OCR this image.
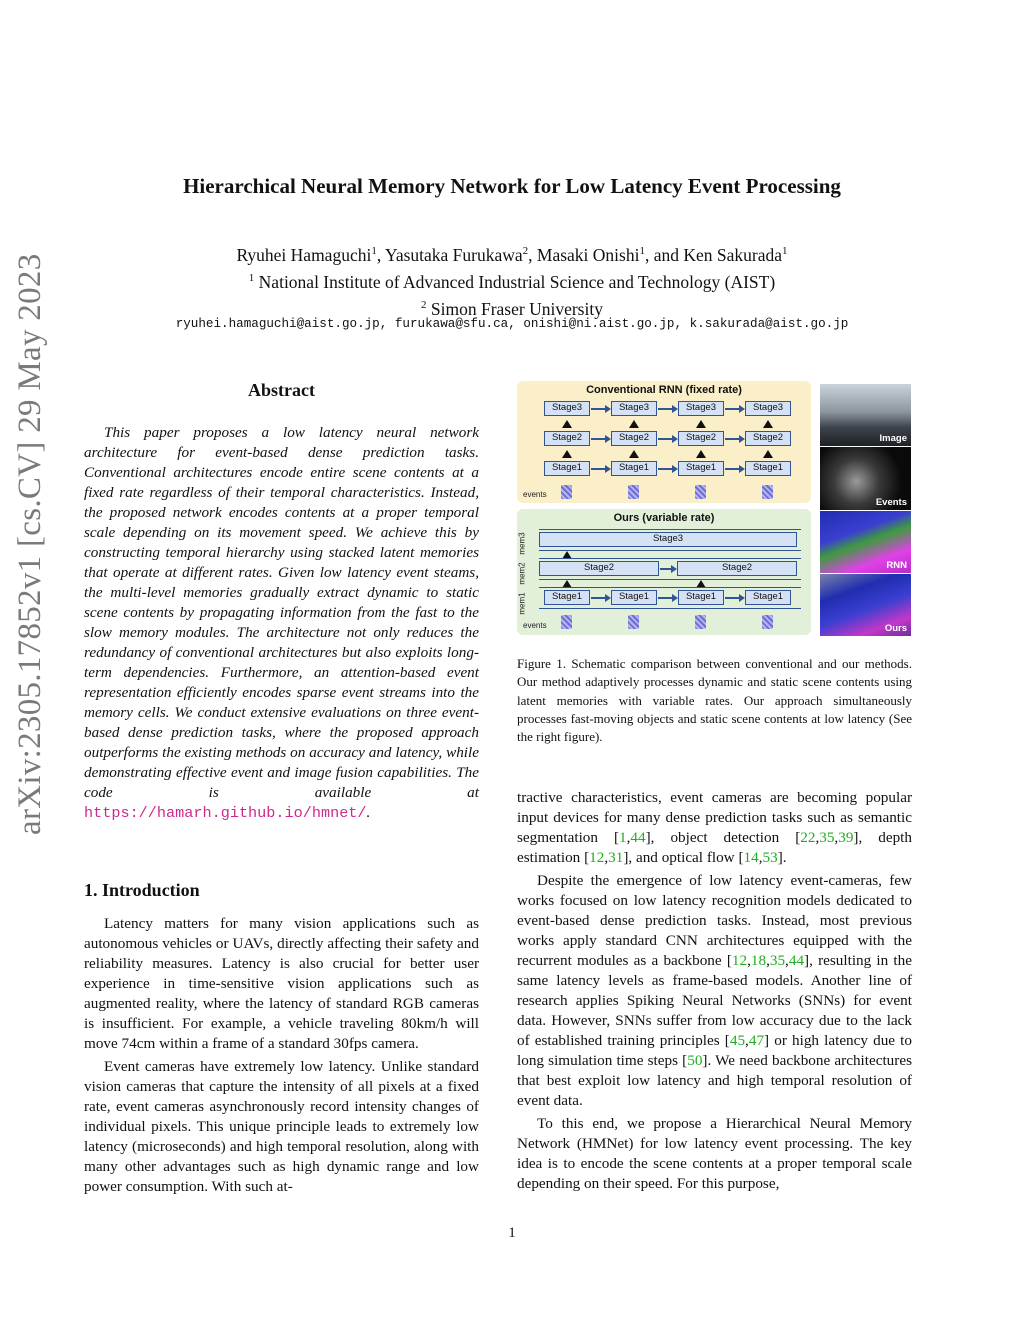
arXiv:2305.17852v1 [cs.CV] 29 May 2023
Hierarchical Neural Memory Network for Low Latency Event Processing
Ryuhei Hamaguchi$^1$, Yasutaka Furukawa$^2$, Masaki Onishi$^1$, and Ken Sakurada$^1$
$^1$ National Institute of Advanced Industrial Science and Technology (AIST)
$^2$ Simon Fraser University
ryuhei.hamaguchi@aist.go.jp, furukawa@sfu.ca, onishi@ni.aist.go.jp, k.sakurada@aist.go.jp
Abstract
This paper proposes a low latency neural network architecture for event-based dense prediction tasks. Conventional architectures encode entire scene contents at a fixed rate regardless of their temporal characteristics. Instead, the proposed network encodes contents at a proper temporal scale depending on its movement speed. We achieve this by constructing temporal hierarchy using stacked latent memories that operate at different rates. Given low latency event steams, the multi-level memories gradually extract dynamic to static scene contents by propagating information from the fast to the slow memory modules. The architecture not only reduces the redundancy of conventional architectures but also exploits long-term dependencies. Furthermore, an attention-based event representation efficiently encodes sparse event streams into the memory cells. We conduct extensive evaluations on three event-based dense prediction tasks, where the proposed approach outperforms the existing methods on accuracy and latency, while demonstrating effective event and image fusion capabilities. The code is available at https://hamarh.github.io/hmnet/.
1. Introduction

Latency matters for many vision applications such as autonomous vehicles or UAVs, directly affecting their safety and reliability measures. Latency is also crucial for better user experience in time-sensitive vision applications such as augmented reality, where the latency of standard RGB cameras is insufficient. For example, a vehicle traveling 80km/h will move 74cm within a frame of a standard 30fps camera.

Event cameras have extremely low latency. Unlike standard vision cameras that capture the intensity of all pixels at a fixed rate, event cameras asynchronously record intensity changes of individual pixels. This unique principle leads to extremely low latency (microseconds) and high temporal resolution, along with many other advantages such as high dynamic range and low power consumption. With such at-

tractive characteristics, event cameras are becoming popular input devices for many dense prediction tasks such as semantic segmentation [1,44], object detection [22,35,39], depth estimation [12,31], and optical flow [14,53].

Despite the emergence of low latency event-cameras, few works focused on low latency recognition models dedicated to event-based dense prediction tasks. Instead, most previous works apply standard CNN architectures equipped with the recurrent modules as a backbone [12,18,35,44], resulting in the same latency levels as frame-based models. Another line of research applies Spiking Neural Networks (SNNs) for event data. However, SNNs suffer from low accuracy due to the lack of established training principles [45,47] or high latency due to long simulation time steps [50]. We need backbone architectures that best exploit low latency and high temporal resolution of event data.

To this end, we propose a Hierarchical Neural Memory Network (HMNet) for low latency event processing. The key idea is to encode the scene contents at a proper temporal scale depending on their speed. For this purpose,

Conventional RNN (fixed rate)
Stage3	Stage3	Stage3	Stage3
Stage2	Stage2	Stage2	Stage2
Stage1	Stage1	Stage1	Stage1
events
Ours (variable rate)
mem3
mem2
mem1
Stage3
Stage2	Stage2
Stage1	Stage1	Stage1	Stage1
events
Image
Events
RNN
Ours
Figure 1. Schematic comparison between conventional and our methods. Our method adaptively processes dynamic and static scene contents using latent memories with variable rates. Our approach simultaneously processes fast-moving objects and static scene contents at low latency (See the right figure).
1
